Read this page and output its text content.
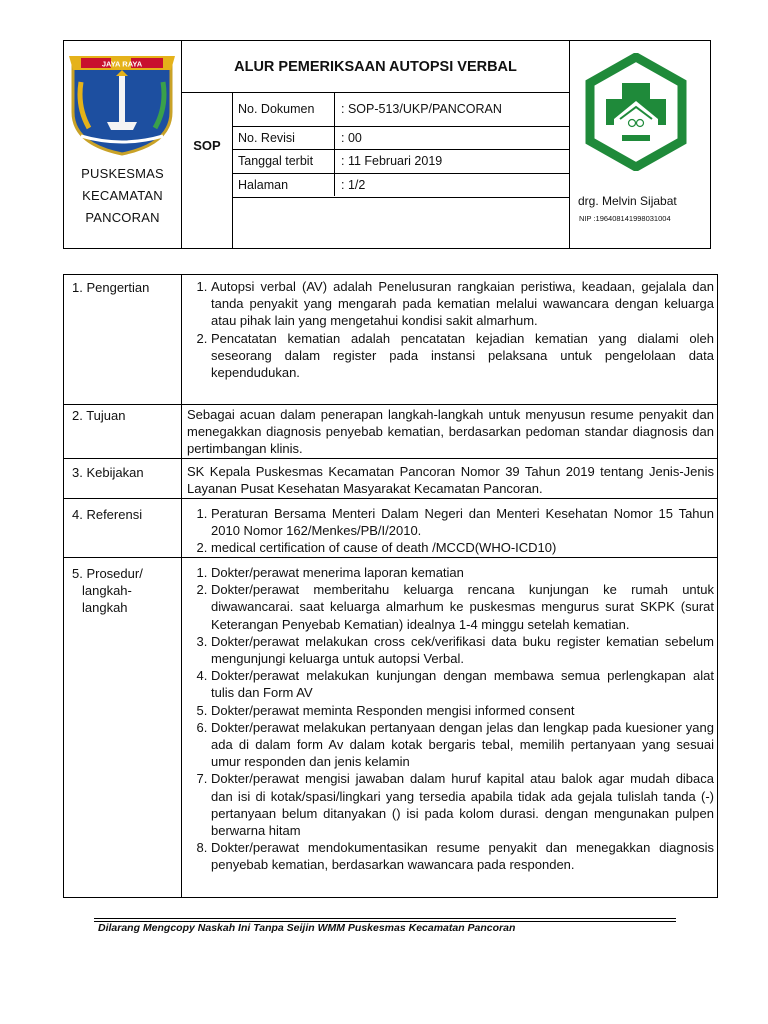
JAYA RAYA
PUSKESMAS
KECAMATAN
PANCORAN
ALUR PEMERIKSAAN AUTOPSI VERBAL
SOP
No. Dokumen : SOP-513/UKP/PANCORAN
No. Revisi	: 00
Tanggal terbit : 11 Februari 2019
Halaman	: 1/2
drg. Melvin Sijabat
NIP :196408141998031004
1. Pengertian	1. Autopsi verbal (AV) adalah Penelusuran rangkaian peristiwa, keadaan, gejalala dan tanda penyakit yang mengarah pada kematian melalui wawancara dengan keluarga atau pihak lain yang mengetahui kondisi sakit almarhum.
2. Pencatatan kematian adalah pencatatan kejadian kematian yang dialami oleh seseorang dalam register pada instansi pelaksana untuk pengelolaan data kependudukan.
2. Tujuan	Sebagai acuan dalam penerapan langkah-langkah untuk menyusun resume penyakit dan menegakkan diagnosis penyebab kematian, berdasarkan pedoman standar diagnosis dan pertimbangan klinis.

3. Kebijakan	SK Kepala Puskesmas Kecamatan Pancoran Nomor 39 Tahun 2019 tentang Jenis-Jenis Layanan Pusat Kesehatan Masyarakat Kecamatan Pancoran.

4. Referensi	1. Peraturan Bersama Menteri Dalam Negeri dan Menteri Kesehatan Nomor 15 Tahun 2010 Nomor 162/Menkes/PB/I/2010.
2. medical certification of cause of death /MCCD(WHO-ICD10)
5. Prosedur/
langkah-
langkah
1. Dokter/perawat menerima laporan kematian
2. Dokter/perawat memberitahu keluarga rencana kunjungan ke rumah untuk diwawancarai. saat keluarga almarhum ke puskesmas mengurus surat SKPK (surat Keterangan Penyebab Kematian) idealnya 1-4 minggu setelah kematian.
3. Dokter/perawat melakukan cross cek/verifikasi data buku register kematian sebelum mengunjungi keluarga untuk autopsi Verbal.
4. Dokter/perawat melakukan kunjungan dengan membawa semua perlengkapan alat tulis dan Form AV
5. Dokter/perawat meminta Responden mengisi informed consent
6. Dokter/perawat melakukan pertanyaan dengan jelas dan lengkap pada kuesioner yang ada di dalam form Av dalam kotak bergaris tebal, memilih pertanyaan yang sesuai umur responden dan jenis kelamin
7. Dokter/perawat mengisi jawaban dalam huruf kapital atau balok agar mudah dibaca dan isi di kotak/spasi/lingkari yang tersedia apabila tidak ada gejala tulislah tanda (-) pertanyaan belum ditanyakan () isi pada kolom durasi. dengan mengunakan pulpen berwarna hitam
8. Dokter/perawat mendokumentasikan resume penyakit dan menegakkan diagnosis penyebab kematian, berdasarkan wawancara pada responden.
Dilarang Mengcopy Naskah Ini Tanpa Seijin WMM Puskesmas Kecamatan Pancoran
